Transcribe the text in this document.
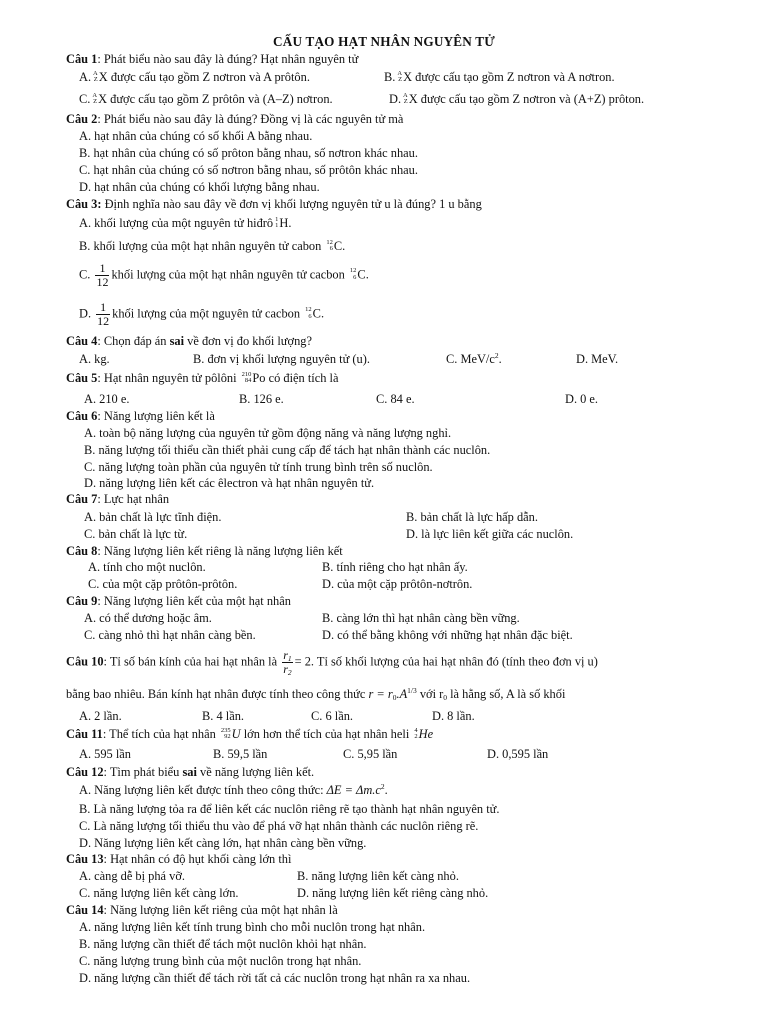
CẤU TẠO HẠT NHÂN NGUYÊN TỬ
Câu 1: Phát biểu nào sau đây là đúng? Hạt nhân nguyên tử
A. A
Z X được cấu tạo gồm Z nơtron và A prôtôn.	B. A
Z X được cấu tạo gồm Z nơtron và A nơtron.
C. A
Z X được cấu tạo gồm Z prôtôn và (A–Z) nơtron.	D. A
Z X được cấu tạo gồm Z nơtron và (A+Z) prôton.
Câu 2: Phát biểu nào sau đây là đúng? Đồng vị là các nguyên tử mà
A. hạt nhân của chúng có số khối A bằng nhau.
B. hạt nhân của chúng có số prôton bằng nhau, số nơtron khác nhau.
C. hạt nhân của chúng có số nơtron bằng nhau, số prôtôn khác nhau.
D. hạt nhân của chúng có khối lượng bằng nhau.
Câu 3: Định nghĩa nào sau đây về đơn vị khối lượng nguyên tử u là đúng? 1 u bằng
A. khối lượng của một nguyên tử hiđrô 1
1 H.
B. khối lượng của một hạt nhân nguyên tử cabon 12
6 C.
C. $\frac{1}{12}$ khối lượng của một hạt nhân nguyên tử cacbon 12
6 C.
D. $\frac{1}{12}$ khối lượng của một nguyên tử cacbon 12
6 C.
Câu 4: Chọn đáp án sai về đơn vị đo khối lượng?
A. kg.	B. đơn vị khối lượng nguyên tử (u).	C. MeV/$c^2$.	D. MeV.
Câu 5: Hạt nhân nguyên tử pôlôni 210
84 Po có điện tích là
A. 210 e.	B. 126 e.	C. 84 e.	D. 0 e.
Câu 6: Năng lượng liên kết là
A. toàn bộ năng lượng của nguyên tử gồm động năng và năng lượng nghỉ.
B. năng lượng tối thiểu cần thiết phải cung cấp để tách hạt nhân thành các nuclôn.
C. năng lượng toàn phần của nguyên tử tính trung bình trên số nuclôn.
D. năng lượng liên kết các êlectron và hạt nhân nguyên tử.
Câu 7: Lực hạt nhân
A. bản chất là lực tĩnh điện.	B. bản chất là lực hấp dẫn.
C. bản chất là lực từ.	D. là lực liên kết giữa các nuclôn.
Câu 8: Năng lượng liên kết riêng là năng lượng liên kết
A. tính cho một nuclôn.	B. tính riêng cho hạt nhân ấy.
C. của một cặp prôtôn-prôtôn.	D. của một cặp prôtôn-nơtrôn.
Câu 9: Năng lượng liên kết của một hạt nhân
A. có thể dương hoặc âm.	B. càng lớn thì hạt nhân càng bền vững.
C. càng nhỏ thì hạt nhân càng bền.	D. có thể bằng không với những hạt nhân đặc biệt.
Câu 10: Tỉ số bán kính của hai hạt nhân là $\frac{r_1}{r_2} = 2$. Tỉ số khối lượng của hai hạt nhân đó (tính theo đơn vị u)
bằng bao nhiêu. Bán kính hạt nhân được tính theo công thức $r = r_0.A^{1/3}$ với $r_0$ là hằng số, A là số khối
A. 2 lần.	B. 4 lần.	C. 6 lần.	D. 8 lần.
Câu 11: Thể tích của hạt nhân 235
92 U lớn hơn thể tích của hạt nhân heli 4
2 He
A. 595 lần	B. 59,5 lần	C. 5,95 lần	D. 0,595 lần
Câu 12: Tìm phát biểu sai về năng lượng liên kết.
A. Năng lượng liên kết được tính theo công thức: $\Delta E = \Delta m.c^2$.
B. Là năng lượng tỏa ra để liên kết các nuclôn riêng rẽ tạo thành hạt nhân nguyên tử.
C. Là năng lượng tối thiểu thu vào để phá vỡ hạt nhân thành các nuclôn riêng rẽ.
D. Năng lượng liên kết càng lớn, hạt nhân càng bền vững.
Câu 13: Hạt nhân có độ hụt khối càng lớn thì
A. càng dễ bị phá vỡ.	B. năng lượng liên kết càng nhỏ.
C. năng lượng liên kết càng lớn.	D. năng lượng liên kết riêng càng nhỏ.
Câu 14: Năng lượng liên kết riêng của một hạt nhân là
A. năng lượng liên kết tính trung bình cho mỗi nuclôn trong hạt nhân.
B. năng lượng cần thiết để tách một nuclôn khỏi hạt nhân.
C. năng lượng trung bình của một nuclôn trong hạt nhân.
D. năng lượng cần thiết để tách rời tất cả các nuclôn trong hạt nhân ra xa nhau.
